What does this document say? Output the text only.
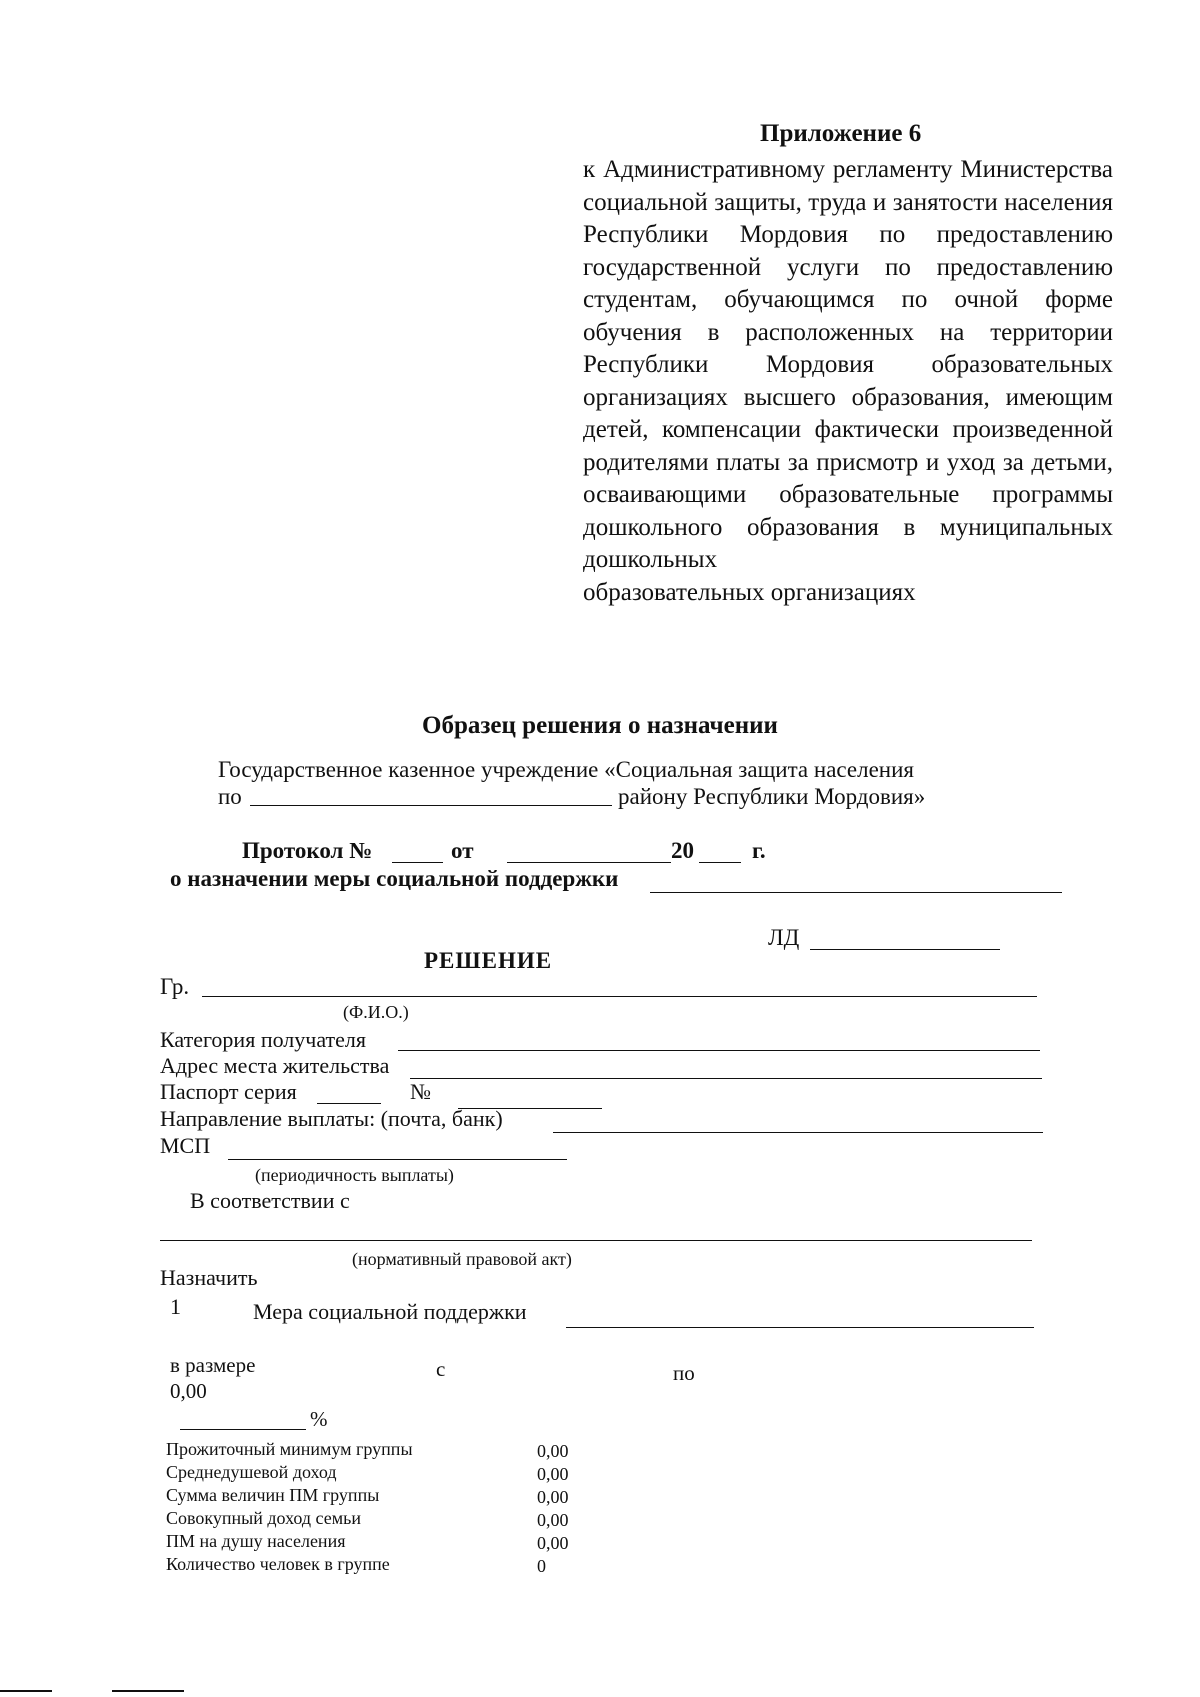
Приложение 6
к Административному регламенту Министерства социальной защиты, труда и занятости населения Республики Мордовия по предоставлению государственной услуги по предоставлению студентам, обучающимся по очной форме обучения в расположенных на территории Республики Мордовия образовательных организациях высшего образования, имеющим детей, компенсации фактически произведенной родителями платы за присмотр и уход за детьми, осваивающими образовательные программы дошкольного образования в муниципальных дошкольных
образовательных организациях
Образец решения о назначении
Государственное казенное учреждение «Социальная защита населения
по	району Республики Мордовия»
Протокол №	от	20	г.
о назначении меры социальной поддержки
ЛД
РЕШЕНИЕ
Гр.
(Ф.И.О.)
Категория получателя
Адрес места жительства
Паспорт серия	№
Направление выплаты: (почта, банк)
МСП
(периодичность выплаты)
В соответствии с
(нормативный правовой акт)
Назначить
1	Мера социальной поддержки
в размере	с	по
0,00
%
Прожиточный минимум группы	0,00
Среднедушевой доход	0,00
Сумма величин ПМ группы	0,00
Совокупный доход семьи	0,00
ПМ на душу населения	0,00
Количество человек в группе	0
